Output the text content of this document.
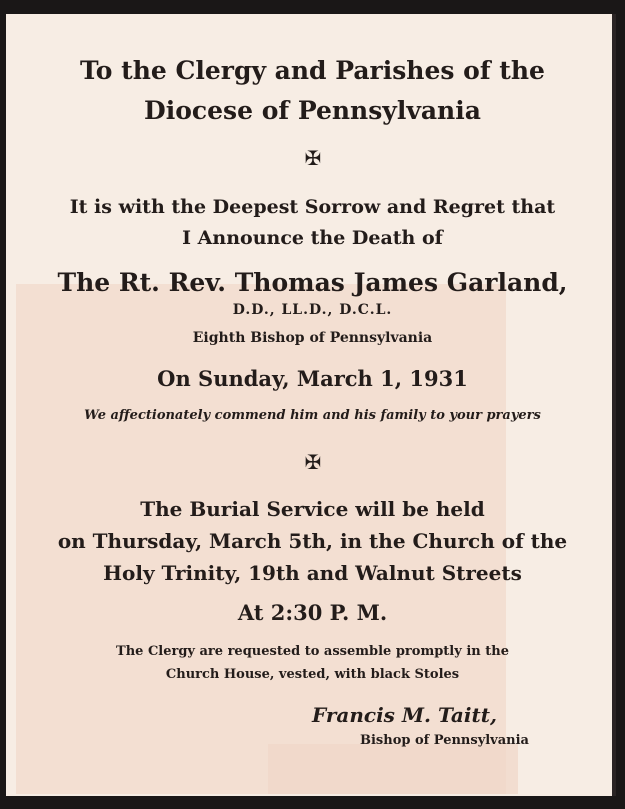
To the Clergy and Parishes of the
Diocese of Pennsylvania
✠
It is with the Deepest Sorrow and Regret that
I Announce the Death of
The Rt. Rev. Thomas James Garland,
D.D., LL.D., D.C.L.
Eighth Bishop of Pennsylvania
On Sunday, March 1, 1931
We affectionately commend him and his family to your prayers
✠
The Burial Service will be held
on Thursday, March 5th, in the Church of the
Holy Trinity, 19th and Walnut Streets
At 2:30 P. M.
The Clergy are requested to assemble promptly in the
Church House, vested, with black Stoles
Francis M. Taitt,
Bishop of Pennsylvania
